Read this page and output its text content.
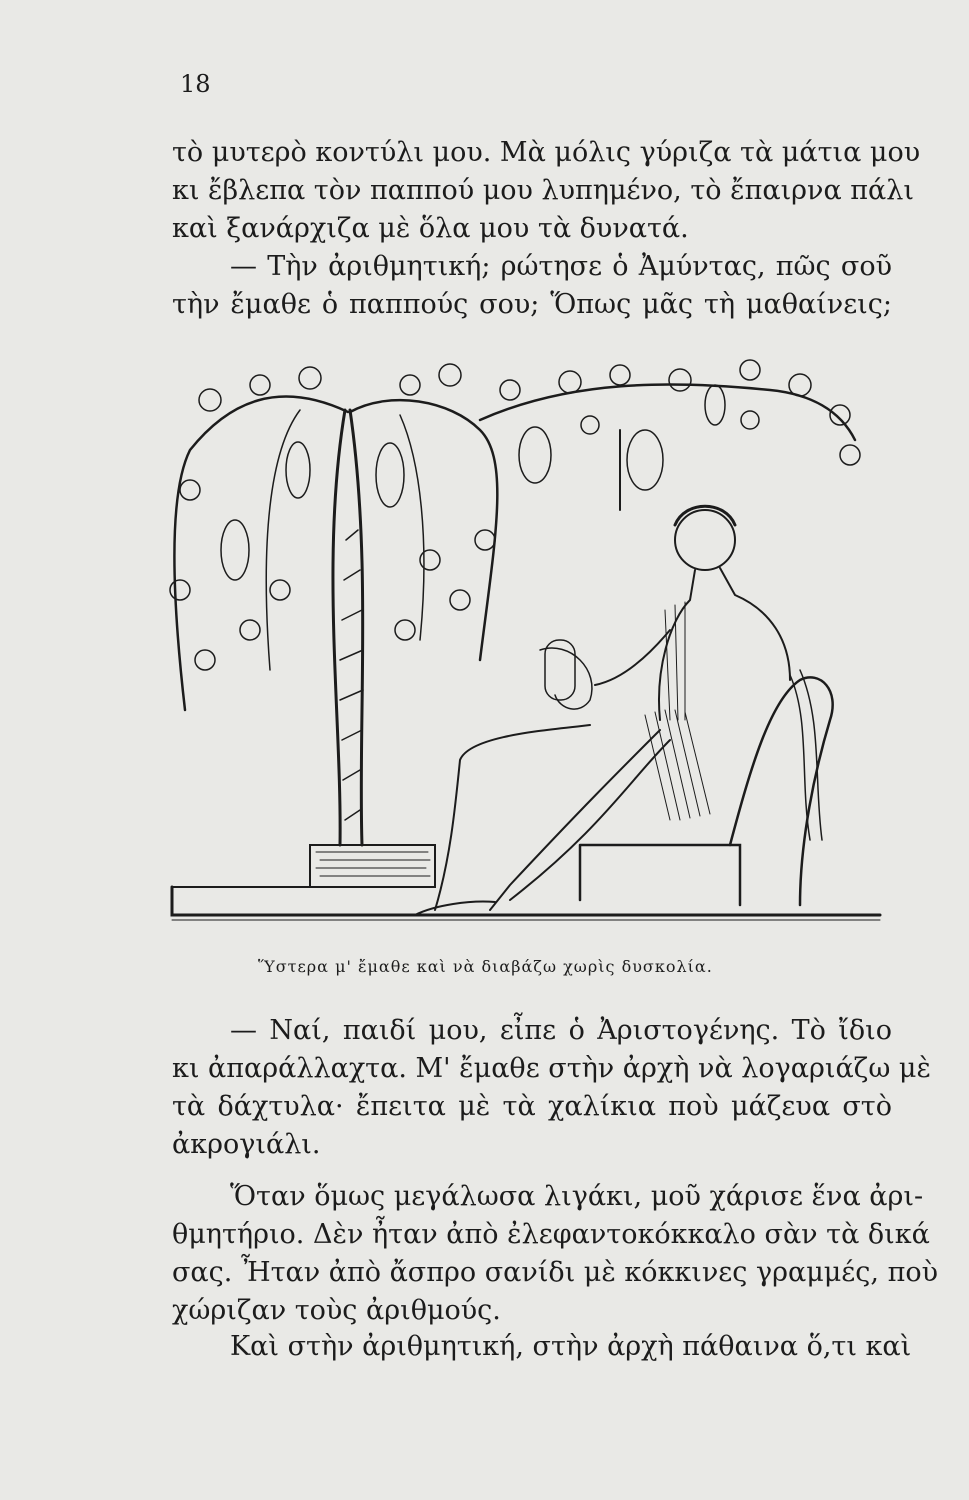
18

τὸ μυτερὸ κοντύλι μου. Μὰ μόλις γύριζα τὰ μάτια μου
κι ἔβλεπα τὸν παππού μου λυπημένο, τὸ ἔπαιρνα πάλι
καὶ ξανάρχιζα μὲ ὅλα μου τὰ δυνατά.
— Τὴν ἀριθμητική; ρώτησε ὁ Ἀμύντας, πῶς σοῦ
τὴν ἔμαθε ὁ παππούς σου; Ὅπως μᾶς τὴ μαθαίνεις;

Ὕστερα μ' ἔμαθε καὶ νὰ διαβάζω χωρὶς δυσκολία.

— Ναί, παιδί μου, εἶπε ὁ Ἀριστογένης. Τὸ ἴδιο
κι ἀπαράλλαχτα. Μ' ἔμαθε στὴν ἀρχὴ νὰ λογαριάζω μὲ
τὰ δάχτυλα· ἔπειτα μὲ τὰ χαλίκια ποὺ μάζευα στὸ
ἀκρογιάλι.

Ὅταν ὅμως μεγάλωσα λιγάκι, μοῦ χάρισε ἕνα ἀρι-
θμητήριο. Δὲν ἦταν ἀπὸ ἐλεφαντοκόκκαλο σὰν τὰ δικά
σας. Ἦταν ἀπὸ ἄσπρο σανίδι μὲ κόκκινες γραμμές, ποὺ
χώριζαν τοὺς ἀριθμούς.

Καὶ στὴν ἀριθμητική, στὴν ἀρχὴ πάθαινα ὅ,τι καὶ
